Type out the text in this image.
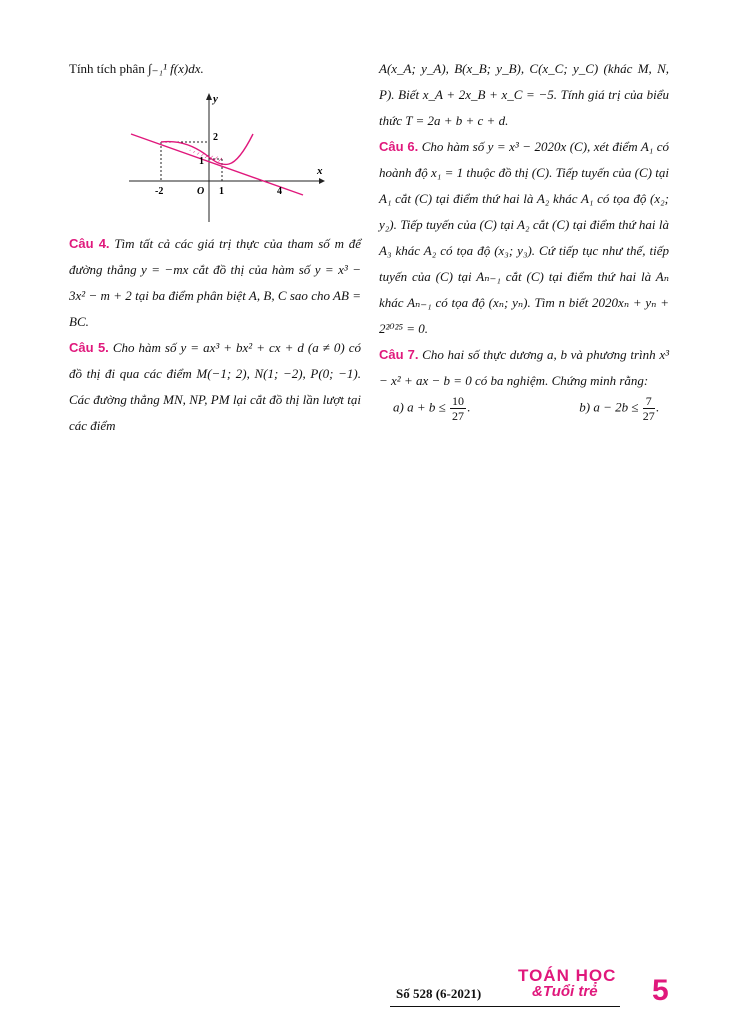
Tính tích phân ∫₋₁¹ f(x)dx.

y
x
2
1
-2	O 1	4

Câu 4. Tìm tất cả các giá trị thực của tham số m để đường thẳng y = −mx cắt đồ thị của hàm số y = x³ − 3x² − m + 2 tại ba điểm phân biệt A, B, C sao cho AB = BC.

Câu 5. Cho hàm số y = ax³ + bx² + cx + d (a ≠ 0) có đồ thị đi qua các điểm M(−1; 2), N(1; −2), P(0; −1). Các đường thẳng MN, NP, PM lại cắt đồ thị lần lượt tại các điểm

A(x_A; y_A), B(x_B; y_B), C(x_C; y_C) (khác M, N, P). Biết x_A + 2x_B + x_C = −5. Tính giá trị của biểu thức T = 2a + b + c + d.

Câu 6. Cho hàm số y = x³ − 2020x (C), xét điểm A₁ có hoành độ x₁ = 1 thuộc đồ thị (C). Tiếp tuyến của (C) tại A₁ cắt (C) tại điểm thứ hai là A₂ khác A₁ có tọa độ (x₂; y₂). Tiếp tuyến của (C) tại A₂ cắt (C) tại điểm thứ hai là A₃ khác A₂ có tọa độ (x₃; y₃). Cứ tiếp tục như thế, tiếp tuyến của (C) tại Aₙ₋₁ cắt (C) tại điểm thứ hai là Aₙ khác Aₙ₋₁ có tọa độ (xₙ; yₙ). Tìm n biết 2020xₙ + yₙ + 2²⁰²⁵ = 0.

Câu 7. Cho hai số thực dương a, b và phương trình x³ − x² + ax − b = 0 có ba nghiệm. Chứng minh rằng:

a) $a + b \le \frac{10}{27}$ .	b) $a - 2b \le \frac{7}{27}$ .
Số 528 (6-2021)
TOÁN HỌC
&Tuổi trẻ	5
